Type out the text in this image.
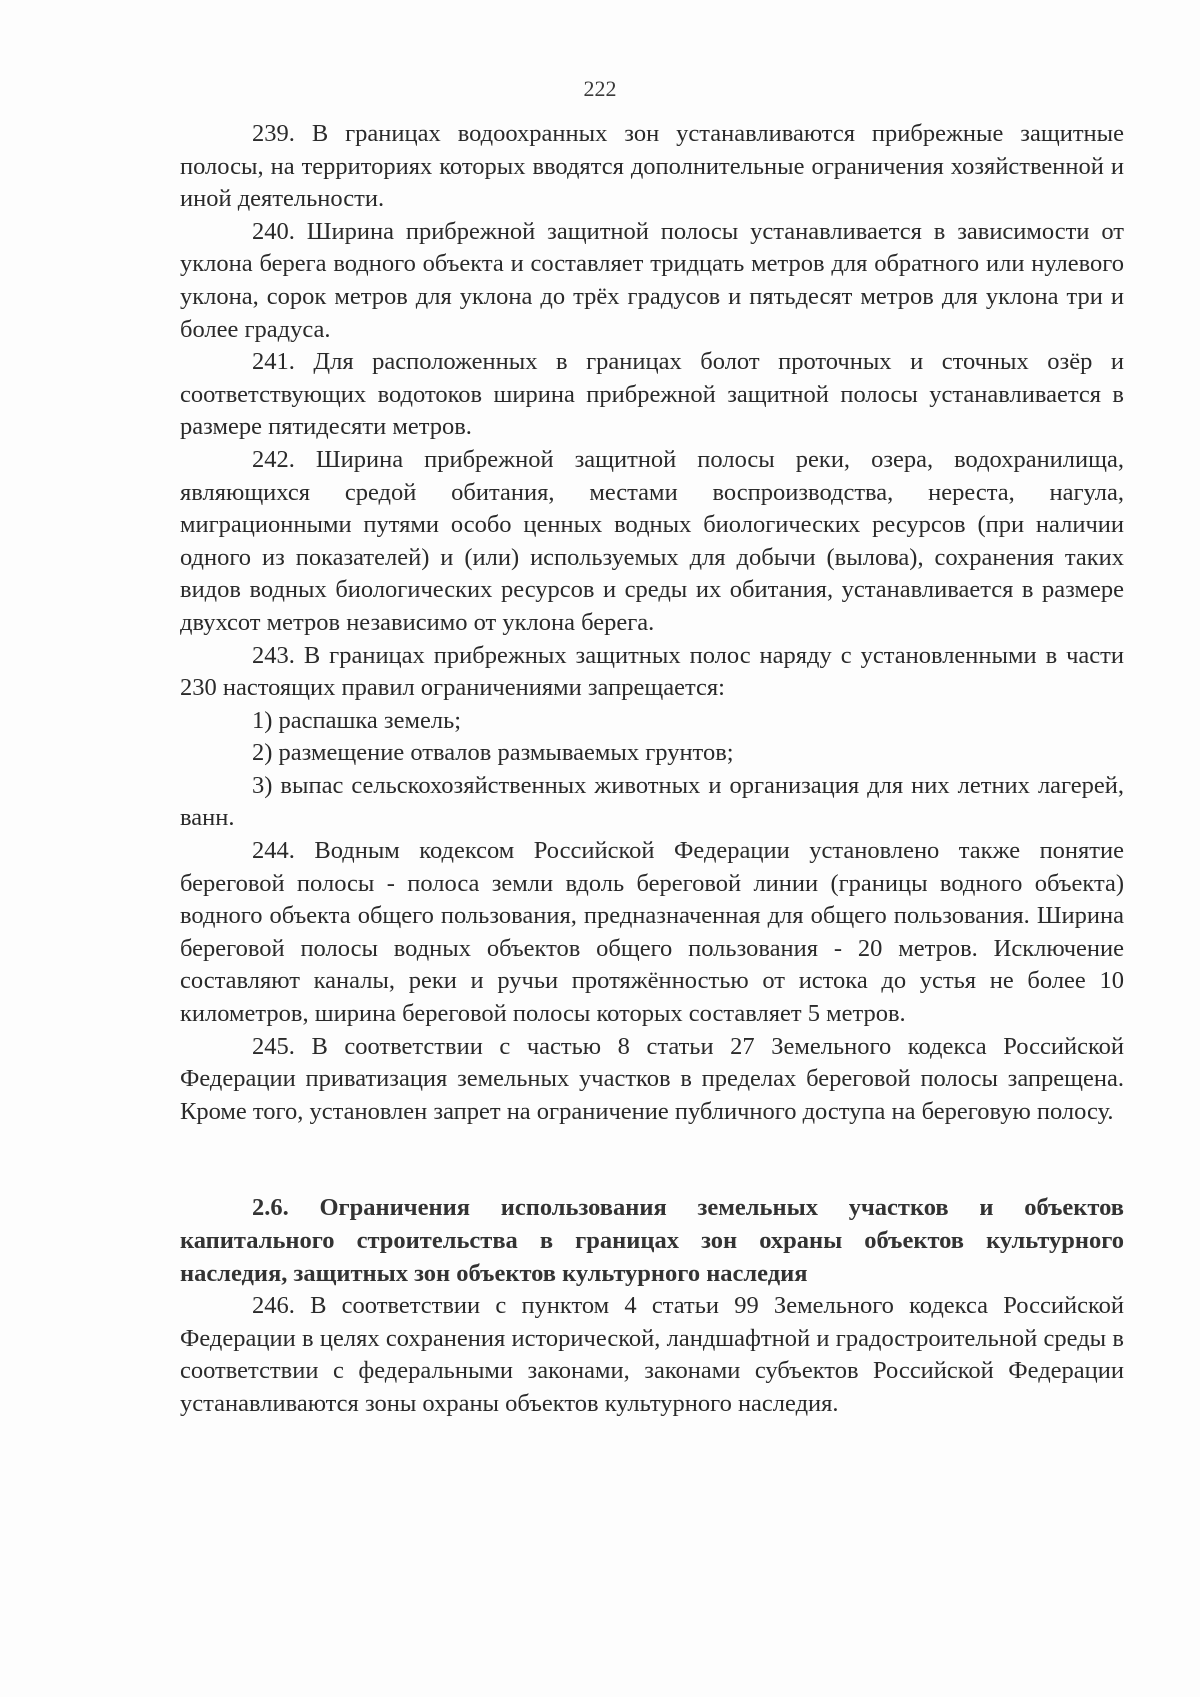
222

239. В границах водоохранных зон устанавливаются прибрежные защитные полосы, на территориях которых вводятся дополнительные ограничения хозяйственной и иной деятельности.

240. Ширина прибрежной защитной полосы устанавливается в зависимости от уклона берега водного объекта и составляет тридцать метров для обратного или нулевого уклона, сорок метров для уклона до трёх градусов и пятьдесят метров для уклона три и более градуса.

241. Для расположенных в границах болот проточных и сточных озёр и соответствующих водотоков ширина прибрежной защитной полосы устанавливается в размере пятидесяти метров.

242. Ширина прибрежной защитной полосы реки, озера, водохранилища, являющихся средой обитания, местами воспроизводства, нереста, нагула, миграционными путями особо ценных водных биологических ресурсов (при наличии одного из показателей) и (или) используемых для добычи (вылова), сохранения таких видов водных биологических ресурсов и среды их обитания, устанавливается в размере двухсот метров независимо от уклона берега.

243. В границах прибрежных защитных полос наряду с установленными в части 230 настоящих правил ограничениями запрещается:

1) распашка земель;

2) размещение отвалов размываемых грунтов;

3) выпас сельскохозяйственных животных и организация для них летних лагерей, ванн.

244. Водным кодексом Российской Федерации установлено также понятие береговой полосы - полоса земли вдоль береговой линии (границы водного объекта) водного объекта общего пользования, предназначенная для общего пользования. Ширина береговой полосы водных объектов общего пользования - 20 метров. Исключение составляют каналы, реки и ручьи протяжённостью от истока до устья не более 10 километров, ширина береговой полосы которых составляет 5 метров.

245. В соответствии с частью 8 статьи 27 Земельного кодекса Российской Федерации приватизация земельных участков в пределах береговой полосы запрещена. Кроме того, установлен запрет на ограничение публичного доступа на береговую полосу.

2.6. Ограничения использования земельных участков и объектов капитального строительства в границах зон охраны объектов культурного наследия, защитных зон объектов культурного наследия

246. В соответствии с пунктом 4 статьи 99 Земельного кодекса Российской Федерации в целях сохранения исторической, ландшафтной и градостроительной среды в соответствии с федеральными законами, законами субъектов Российской Федерации устанавливаются зоны охраны объектов культурного наследия.
